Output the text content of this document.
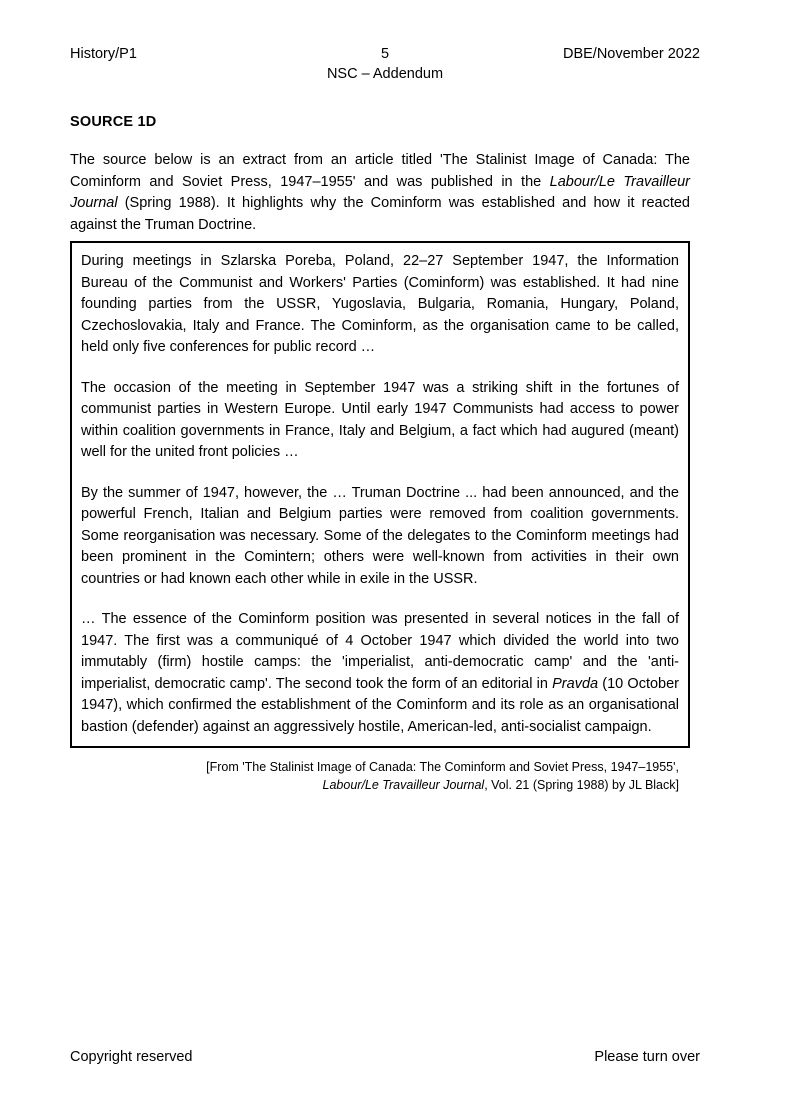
History/P1	5
NSC – Addendum
DBE/November 2022
SOURCE 1D
The source below is an extract from an article titled 'The Stalinist Image of Canada: The Cominform and Soviet Press, 1947–1955' and was published in the Labour/Le Travailleur Journal (Spring 1988). It highlights why the Cominform was established and how it reacted against the Truman Doctrine.

During meetings in Szlarska Poreba, Poland, 22–27 September 1947, the Information Bureau of the Communist and Workers' Parties (Cominform) was established. It had nine founding parties from the USSR, Yugoslavia, Bulgaria, Romania, Hungary, Poland, Czechoslovakia, Italy and France. The Cominform, as the organisation came to be called, held only five conferences for public record …

The occasion of the meeting in September 1947 was a striking shift in the fortunes of communist parties in Western Europe. Until early 1947 Communists had access to power within coalition governments in France, Italy and Belgium, a fact which had augured (meant) well for the united front policies …

By the summer of 1947, however, the … Truman Doctrine ... had been announced, and the powerful French, Italian and Belgium parties were removed from coalition governments. Some reorganisation was necessary. Some of the delegates to the Cominform meetings had been prominent in the Comintern; others were well-known from activities in their own countries or had known each other while in exile in the USSR.

… The essence of the Cominform position was presented in several notices in the fall of 1947. The first was a communiqué of 4 October 1947 which divided the world into two immutably (firm) hostile camps: the 'imperialist, anti-democratic camp' and the 'anti-imperialist, democratic camp'. The second took the form of an editorial in Pravda (10 October 1947), which confirmed the establishment of the Cominform and its role as an organisational bastion (defender) against an aggressively hostile, American-led, anti-socialist campaign.

[From 'The Stalinist Image of Canada: The Cominform and Soviet Press, 1947–1955',
Labour/Le Travailleur Journal, Vol. 21 (Spring 1988) by JL Black]
Copyright reserved	Please turn over
